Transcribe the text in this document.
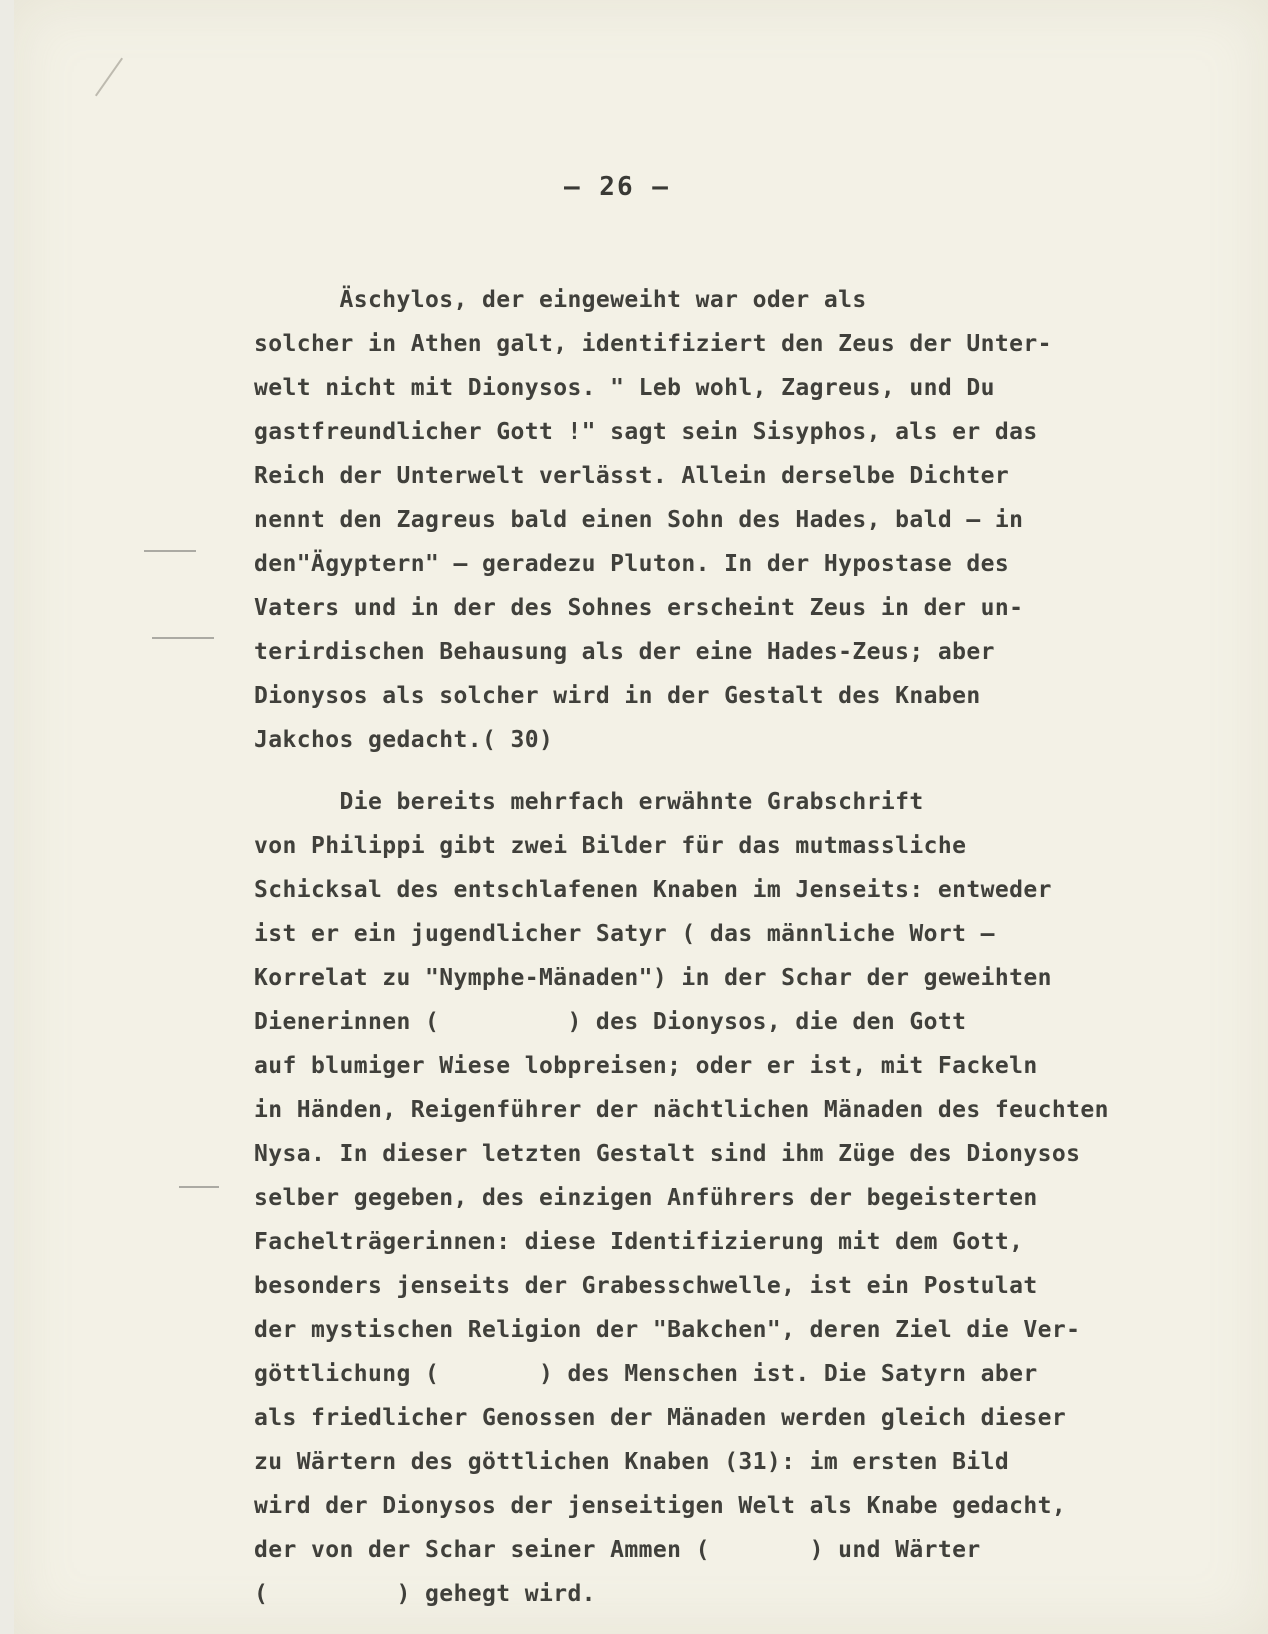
– 26 –
Äschylos, der eingeweiht war oder als
solcher in Athen galt, identifiziert den Zeus der Unter-
welt nicht mit Dionysos. " Leb wohl, Zagreus, und Du
gastfreundlicher Gott !" sagt sein Sisyphos, als er das
Reich der Unterwelt verlässt. Allein derselbe Dichter
nennt den Zagreus bald einen Sohn des Hades, bald – in
den"Ägyptern" – geradezu Pluton. In der Hypostase des
Vaters und in der des Sohnes erscheint Zeus in der un-
terirdischen Behausung als der eine Hades-Zeus; aber
Dionysos als solcher wird in der Gestalt des Knaben
Jakchos gedacht.( 30)
Die bereits mehrfach erwähnte Grabschrift
von Philippi gibt zwei Bilder für das mutmassliche
Schicksal des entschlafenen Knaben im Jenseits: entweder
ist er ein jugendlicher Satyr ( das männliche Wort –
Korrelat zu "Nymphe-Mänaden") in der Schar der geweihten
Dienerinnen (         ) des Dionysos, die den Gott
auf blumiger Wiese lobpreisen; oder er ist, mit Fackeln
in Händen, Reigenführer der nächtlichen Mänaden des feuchten
Nysa. In dieser letzten Gestalt sind ihm Züge des Dionysos
selber gegeben, des einzigen Anführers der begeisterten
Fachelträgerinnen: diese Identifizierung mit dem Gott,
besonders jenseits der Grabesschwelle, ist ein Postulat
der mystischen Religion der "Bakchen", deren Ziel die Ver-
göttlichung (       ) des Menschen ist. Die Satyrn aber
als friedlicher Genossen der Mänaden werden gleich dieser
zu Wärtern des göttlichen Knaben (31): im ersten Bild
wird der Dionysos der jenseitigen Welt als Knabe gedacht,
der von der Schar seiner Ammen (       ) und Wärter
(         ) gehegt wird.
